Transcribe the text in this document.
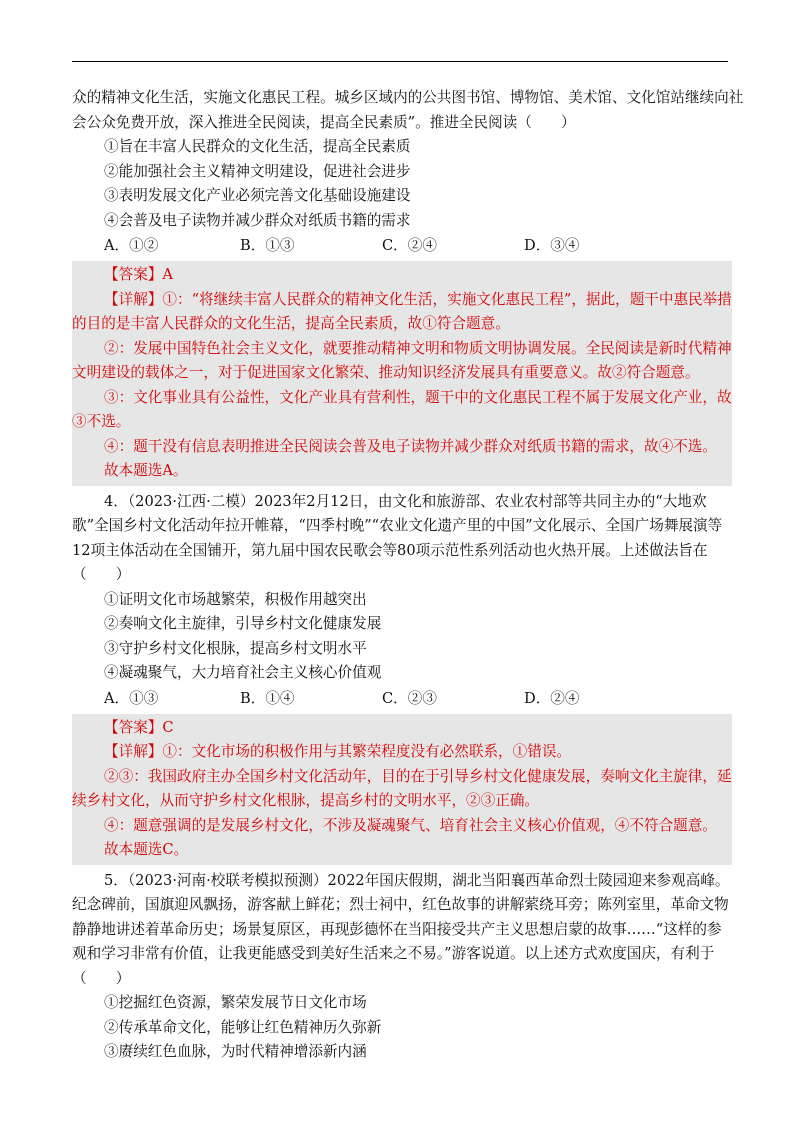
众的精神文化生活，实施文化惠民工程。城乡区域内的公共图书馆、博物馆、美术馆、文化馆站继续向社
会公众免费开放，深入推进全民阅读，提高全民素质”。推进全民阅读（　　）
①旨在丰富人民群众的文化生活，提高全民素质
②能加强社会主义精神文明建设，促进社会进步
③表明发展文化产业必须完善文化基础设施建设
④会普及电子读物并减少群众对纸质书籍的需求
A．①②	B．①③	C．②④	D．③④
【答案】A
【详解】①：“将继续丰富人民群众的精神文化生活，实施文化惠民工程”，据此，题干中惠民举措的目的是丰富人民群众的文化生活，提高全民素质，故①符合题意。
②：发展中国特色社会主义文化，就要推动精神文明和物质文明协调发展。全民阅读是新时代精神文明建设的载体之一，对于促进国家文化繁荣、推动知识经济发展具有重要意义。故②符合题意。
③：文化事业具有公益性，文化产业具有营利性，题干中的文化惠民工程不属于发展文化产业，故③不选。
④：题干没有信息表明推进全民阅读会普及电子读物并减少群众对纸质书籍的需求，故④不选。
故本题选A。
4．（2023·江西·二模）2023年2月12日，由文化和旅游部、农业农村部等共同主办的“大地欢歌”全国乡村文化活动年拉开帷幕，“四季村晚”“农业文化遗产里的中国”文化展示、全国广场舞展演等12项主体活动在全国铺开，第九届中国农民歌会等80项示范性系列活动也火热开展。上述做法旨在（　　）
①证明文化市场越繁荣，积极作用越突出
②奏响文化主旋律，引导乡村文化健康发展
③守护乡村文化根脉，提高乡村文明水平
④凝魂聚气，大力培育社会主义核心价值观
A．①③	B．①④	C．②③	D．②④
【答案】C
【详解】①：文化市场的积极作用与其繁荣程度没有必然联系，①错误。
②③：我国政府主办全国乡村文化活动年，目的在于引导乡村文化健康发展，奏响文化主旋律，延续乡村文化，从而守护乡村文化根脉，提高乡村的文明水平，②③正确。
④：题意强调的是发展乡村文化，不涉及凝魂聚气、培育社会主义核心价值观，④不符合题意。
故本题选C。
5．（2023·河南·校联考模拟预测）2022年国庆假期，湖北当阳襄西革命烈士陵园迎来参观高峰。纪念碑前，国旗迎风飘扬，游客献上鲜花；烈士祠中，红色故事的讲解萦绕耳旁；陈列室里，革命文物静静地讲述着革命历史；场景复原区，再现彭德怀在当阳接受共产主义思想启蒙的故事……“这样的参观和学习非常有价值，让我更能感受到美好生活来之不易。”游客说道。以上述方式欢度国庆，有利于（　　）
①挖掘红色资源，繁荣发展节日文化市场
②传承革命文化，能够让红色精神历久弥新
③赓续红色血脉，为时代精神增添新内涵
